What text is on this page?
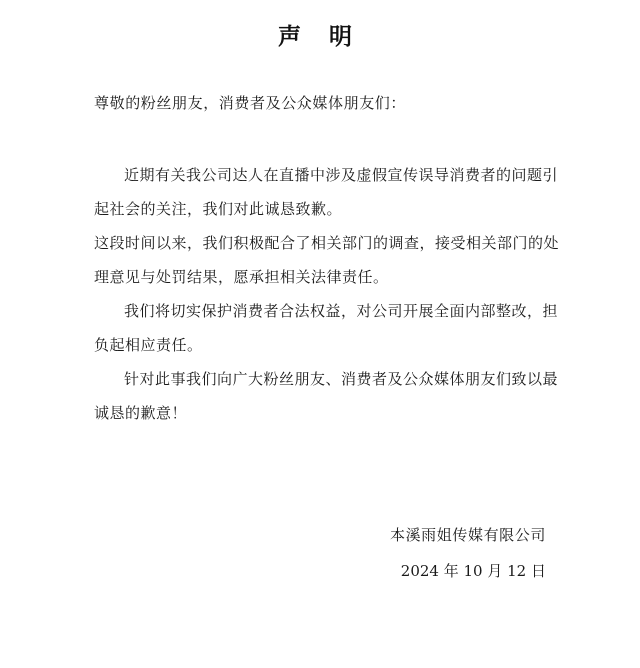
声 明
尊敬的粉丝朋友，消费者及公众媒体朋友们：

近期有关我公司达人在直播中涉及虚假宣传误导消费者的问题引起社会的关注，我们对此诚恳致歉。

这段时间以来，我们积极配合了相关部门的调查，接受相关部门的处理意见与处罚结果，愿承担相关法律责任。

我们将切实保护消费者合法权益，对公司开展全面内部整改，担负起相应责任。

针对此事我们向广大粉丝朋友、消费者及公众媒体朋友们致以最诚恳的歉意！

本溪雨姐传媒有限公司
2024 年 10 月 12 日
